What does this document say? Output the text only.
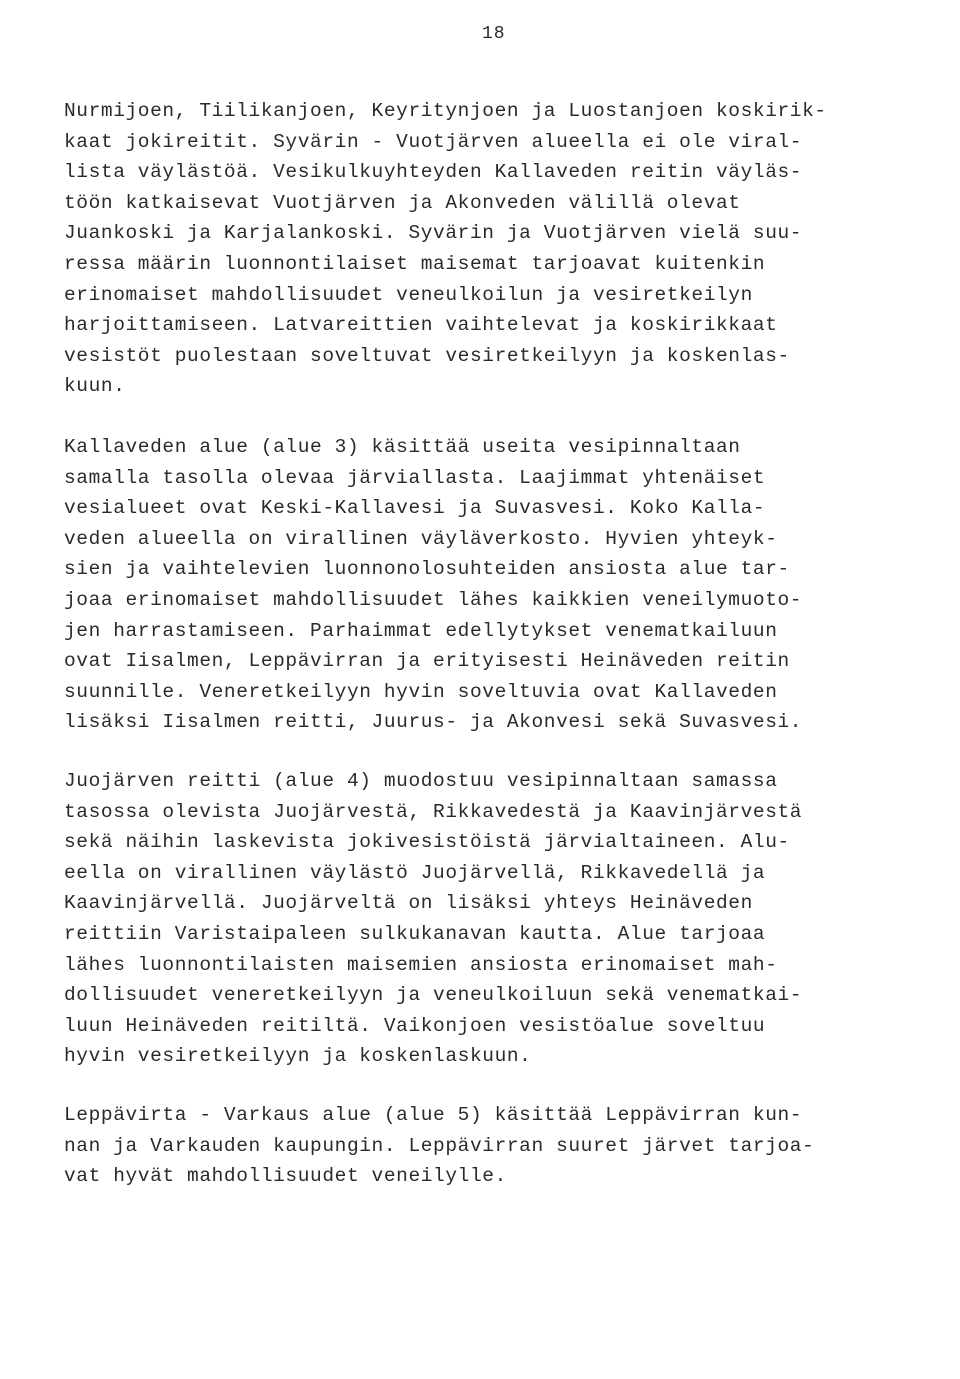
18
Nurmijoen, Tiilikanjoen, Keyritynjoen ja Luostanjoen koskirik-
kaat jokireitit. Syvärin - Vuotjärven alueella ei ole viral-
lista väylästöä. Vesikulkuyhteyden Kallaveden reitin väyläs-
töön katkaisevat Vuotjärven ja Akonveden välillä olevat
Juankoski ja Karjalankoski. Syvärin ja Vuotjärven vielä suu-
ressa määrin luonnontilaiset maisemat tarjoavat kuitenkin
erinomaiset mahdollisuudet veneulkoilun ja vesiretkeilyn
harjoittamiseen. Latvareittien vaihtelevat ja koskirikkaat
vesistöt puolestaan soveltuvat vesiretkeilyyn ja koskenlas-
kuun.
Kallaveden alue (alue 3) käsittää useita vesipinnaltaan
samalla tasolla olevaa järviallasta. Laajimmat yhtenäiset
vesialueet ovat Keski-Kallavesi ja Suvasvesi. Koko Kalla-
veden alueella on virallinen väyläverkosto. Hyvien yhteyk-
sien ja vaihtelevien luonnonolosuhteiden ansiosta alue tar-
joaa erinomaiset mahdollisuudet lähes kaikkien veneilymuoto-
jen harrastamiseen. Parhaimmat edellytykset venematkailuun
ovat Iisalmen, Leppävirran ja erityisesti Heinäveden reitin
suunnille. Veneretkeilyyn hyvin soveltuvia ovat Kallaveden
lisäksi Iisalmen reitti, Juurus- ja Akonvesi sekä Suvasvesi.
Juojärven reitti (alue 4) muodostuu vesipinnaltaan samassa
tasossa olevista Juojärvestä, Rikkavedestä ja Kaavinjärvestä
sekä näihin laskevista jokivesistöistä järvialtaineen. Alu-
eella on virallinen väylästö Juojärvellä, Rikkavedellä ja
Kaavinjärvellä. Juojärveltä on lisäksi yhteys Heinäveden
reittiin Varistaipaleen sulkukanavan kautta. Alue tarjoaa
lähes luonnontilaisten maisemien ansiosta erinomaiset mah-
dollisuudet veneretkeilyyn ja veneulkoiluun sekä venematkai-
luun Heinäveden reitiltä. Vaikonjoen vesistöalue soveltuu
hyvin vesiretkeilyyn ja koskenlaskuun.
Leppävirta - Varkaus alue (alue 5) käsittää Leppävirran kun-
nan ja Varkauden kaupungin. Leppävirran suuret järvet tarjoa-
vat hyvät mahdollisuudet veneilylle.
